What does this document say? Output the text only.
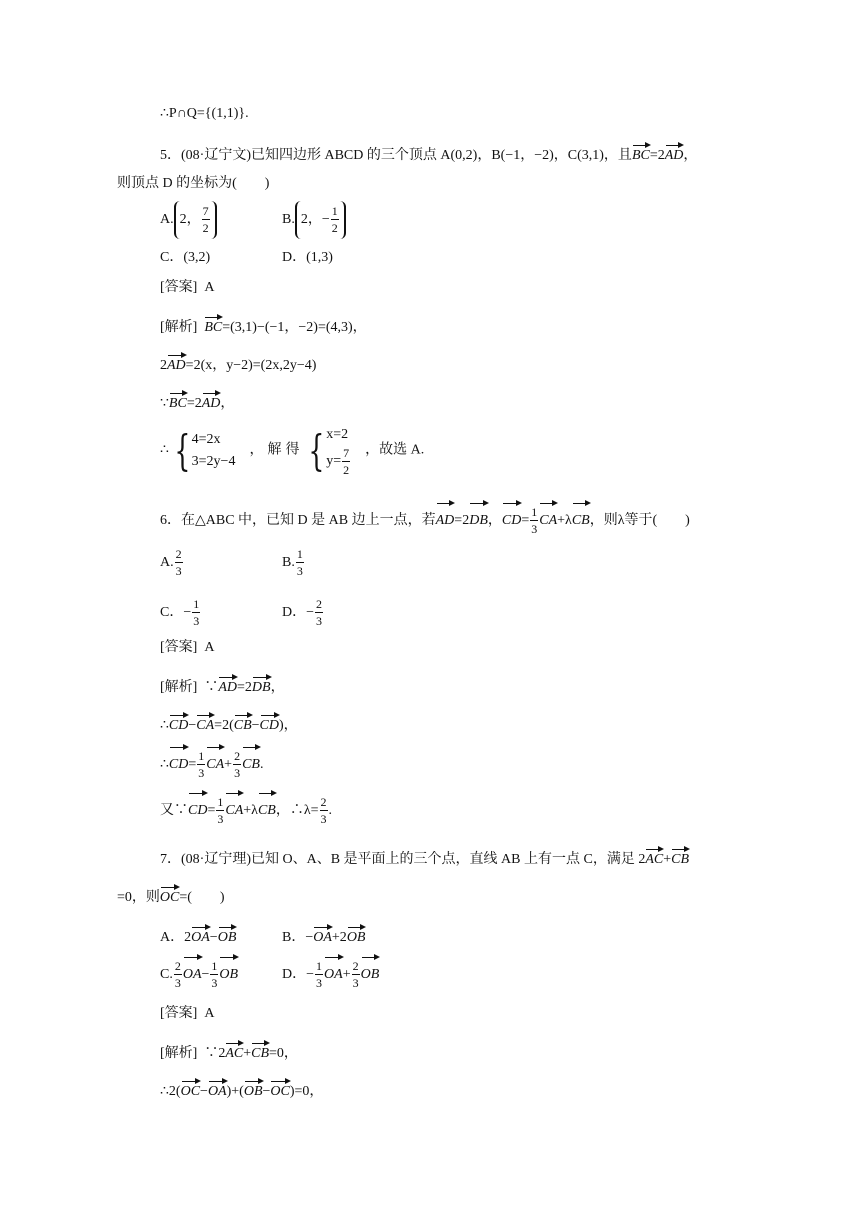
∴P∩Q={(1,1)}.
5．(08·辽宁文)已知四边形 ABCD 的三个顶点 A(0,2)，B(−1，−2)，C(3,1)，且BC=2AD，
则顶点 D 的坐标为(　　)
A. 2， $\frac{7}{2}$	B. 2，− $\frac{1}{2}$
C．(3,2)	D．(1,3)
[答案] A
[解析] BC=(3,1)−(−1，−2)=(4,3)，
2AD=2(x，y−2)=(2x,2y−4)
∵BC=2AD，
∴ { 4=2x
3=2y−4
，解得 { x=2
$y= \frac{7}{2}$ ，故选 A.
6．在△ABC 中，已知 D 是 AB 边上一点，若AD=2DB，$CD= \frac{1}{3} CA+\lambda CB$，则λ等于(　　)
A. $\frac{2}{3}$	B. $\frac{1}{3}$
C．− $\frac{1}{3}$	D．− $\frac{2}{3}$
[答案] A
[解析]  ∵AD=2DB，
∴CD−CA=2(CB−CD)，
∴CD= $\frac{1}{3} CA+ \frac{2}{3}$ CB.
又∵CD= $\frac{1}{3} CA+\lambda CB$，∴λ= $\frac{2}{3}$ .
7．(08·辽宁理)已知 O、A、B 是平面上的三个点，直线 AB 上有一点 C，满足 2AC+CB
=0，则OC=(　　)
A．2OA−OB	B．−OA+2OB
C. $\frac{2}{3} OA- \frac{1}{3}$ OB	D．− $\frac{1}{3} OA+ \frac{2}{3}$ OB
[答案] A
[解析]  ∵2AC+CB=0，
∴2(OC−OA)+(OB−OC)=0，
